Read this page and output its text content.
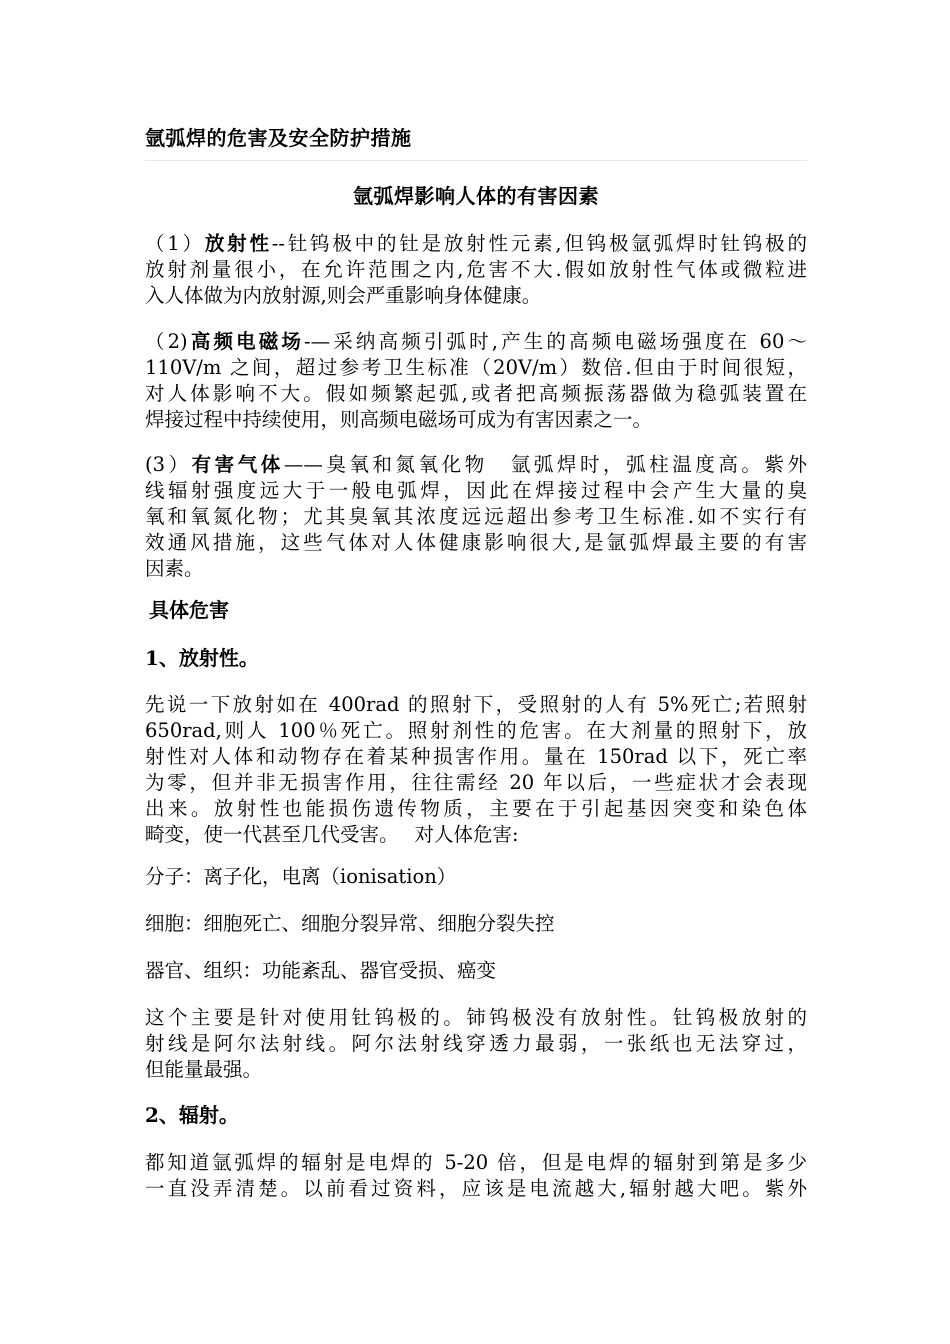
氩弧焊的危害及安全防护措施
氩弧焊影响人体的有害因素
（1）放射性--钍钨极中的钍是放射性元素,但钨极氩弧焊时钍钨极的
放射剂量很小，在允许范围之内,危害不大.假如放射性气体或微粒进
入人体做为内放射源,则会严重影响身体健康。
（2)高频电磁场-—采纳高频引弧时,产生的高频电磁场强度在 60～
110V/m 之间，超过参考卫生标准（20V/m）数倍.但由于时间很短，
对人体影响不大。假如频繁起弧,或者把高频振荡器做为稳弧装置在
焊接过程中持续使用，则高频电磁场可成为有害因素之一。
(3）有害气体——臭氧和氮氧化物　氩弧焊时，弧柱温度高。紫外
线辐射强度远大于一般电弧焊，因此在焊接过程中会产生大量的臭
氧和氧氮化物；尤其臭氧其浓度远远超出参考卫生标准.如不实行有
效通风措施，这些气体对人体健康影响很大,是氩弧焊最主要的有害
因素。
具体危害
1、放射性。
先说一下放射如在 400rad 的照射下，受照射的人有 5%死亡;若照射
650rad,则人 100％死亡。照射剂性的危害。在大剂量的照射下，放
射性对人体和动物存在着某种损害作用。量在 150rad 以下，死亡率
为零，但并非无损害作用，往往需经 20 年以后，一些症状才会表现
出来。放射性也能损伤遗传物质，主要在于引起基因突变和染色体
畸变，使一代甚至几代受害。　 对人体危害:
分子：离子化，电离（ionisation）
细胞：细胞死亡、细胞分裂异常、细胞分裂失控
器官、组织：功能紊乱、器官受损、癌变
这个主要是针对使用钍钨极的。铈钨极没有放射性。钍钨极放射的
射线是阿尔法射线。阿尔法射线穿透力最弱，一张纸也无法穿过，
但能量最强。
2、辐射。
都知道氩弧焊的辐射是电焊的 5-20 倍，但是电焊的辐射到第是多少
一直没弄清楚。以前看过资料，应该是电流越大,辐射越大吧。紫外
